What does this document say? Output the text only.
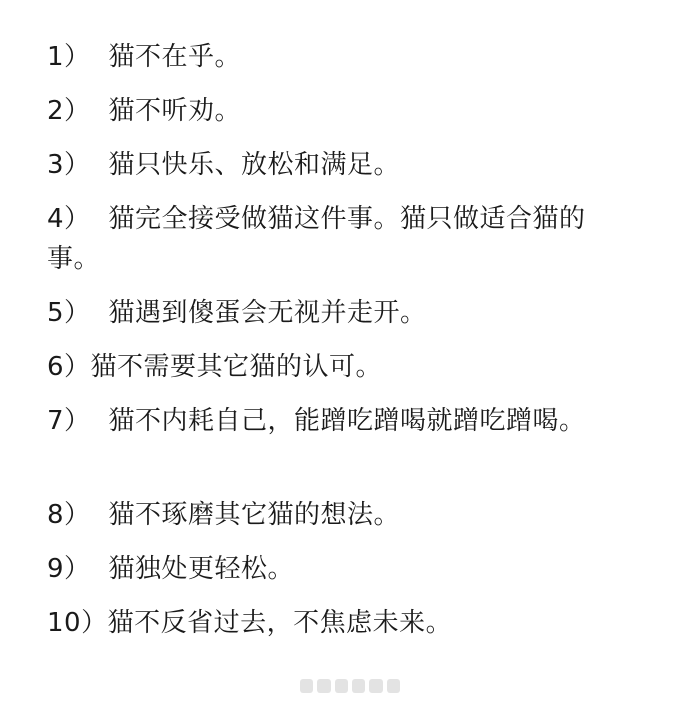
1） 猫不在乎。
2） 猫不听劝。
3） 猫只快乐、放松和满足。
4） 猫完全接受做猫这件事。猫只做适合猫的事。
5） 猫遇到傻蛋会无视并走开。
6）猫不需要其它猫的认可。
7） 猫不内耗自己，能蹭吃蹭喝就蹭吃蹭喝。
8） 猫不琢磨其它猫的想法。
9） 猫独处更轻松。
10）猫不反省过去，不焦虑未来。
